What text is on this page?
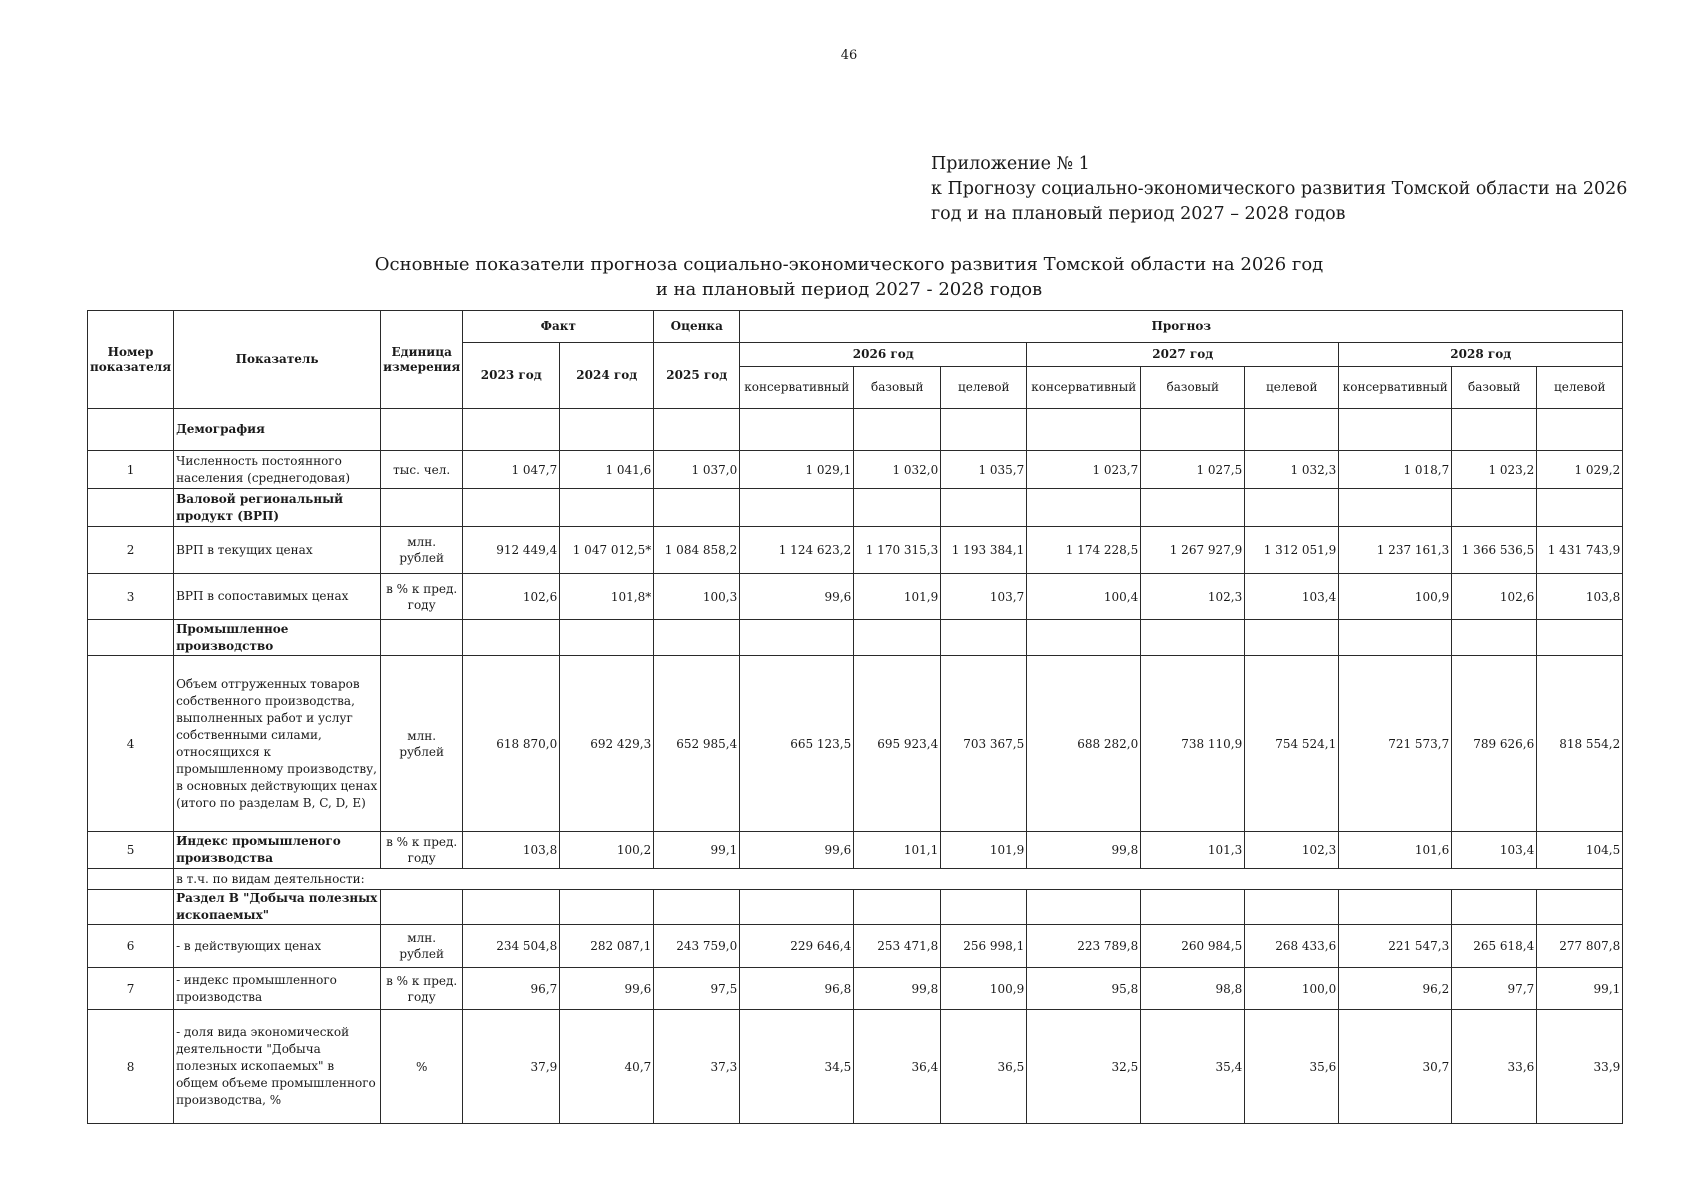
46
Приложение № 1
к Прогнозу социально-экономического развития Томской области на 2026
год и на плановый период 2027 – 2028 годов
Основные показатели прогноза социально-экономического развития Томской области на 2026 год
и на плановый период 2027 - 2028 годов
Номер показателя	Показатель	Единица измерения	Факт		Оценка	Прогноз								
			2023 год	2024 год	2025 год	2026 год			2027 год			2028 год		
						консервативный	базовый	целевой	консервативный	базовый	целевой	консервативный	базовый	целевой
	Демография													
1	Численность постоянного населения (среднегодовая)	тыс. чел.	1 047,7	1 041,6	1 037,0	1 029,1	1 032,0	1 035,7	1 023,7	1 027,5	1 032,3	1 018,7	1 023,2	1 029,2
	Валовой региональный продукт (ВРП)													
2	ВРП в текущих ценах	млн. рублей	912 449,4	1 047 012,5*	1 084 858,2	1 124 623,2	1 170 315,3	1 193 384,1	1 174 228,5	1 267 927,9	1 312 051,9	1 237 161,3	1 366 536,5	1 431 743,9
3	ВРП в сопоставимых ценах	в % к пред. году	102,6	101,8*	100,3	99,6	101,9	103,7	100,4	102,3	103,4	100,9	102,6	103,8
	Промышленное производство													
4	Объем отгруженных товаров собственного производства, выполненных работ и услуг собственными силами, относящихся к промышленному производству, в основных действующих ценах (итого по разделам B, C, D, E)	млн. рублей	618 870,0	692 429,3	652 985,4	665 123,5	695 923,4	703 367,5	688 282,0	738 110,9	754 524,1	721 573,7	789 626,6	818 554,2
5	Индекс промышленого производства	в % к пред. году	103,8	100,2	99,1	99,6	101,1	101,9	99,8	101,3	102,3	101,6	103,4	104,5
	в т.ч. по видам деятельности:													
	Раздел B "Добыча полезных ископаемых"													
6	- в действующих ценах	млн. рублей	234 504,8	282 087,1	243 759,0	229 646,4	253 471,8	256 998,1	223 789,8	260 984,5	268 433,6	221 547,3	265 618,4	277 807,8
7	- индекс промышленного производства	в % к пред. году	96,7	99,6	97,5	96,8	99,8	100,9	95,8	98,8	100,0	96,2	97,7	99,1
8	- доля вида экономической деятельности "Добыча полезных ископаемых" в общем объеме промышленного производства, %	%	37,9	40,7	37,3	34,5	36,4	36,5	32,5	35,4	35,6	30,7	33,6	33,9
